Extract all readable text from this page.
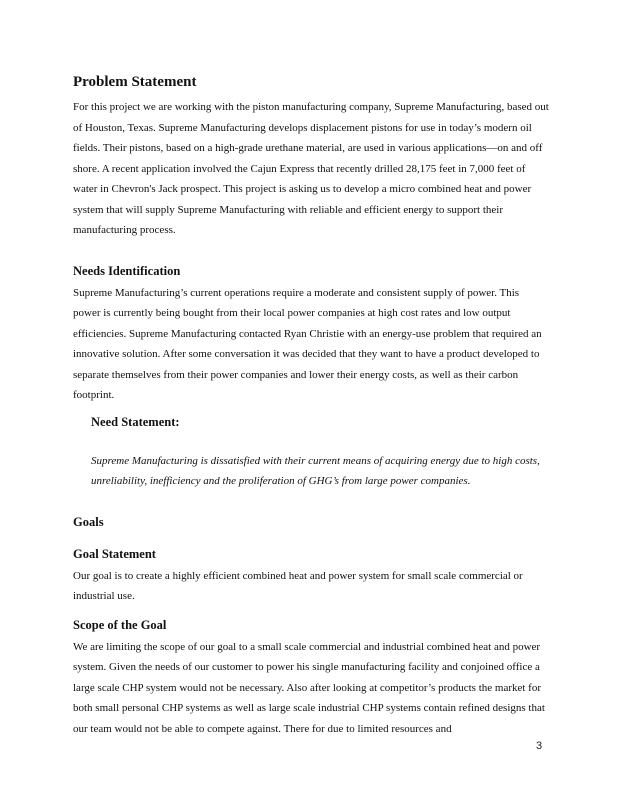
Problem Statement

For this project we are working with the piston manufacturing company, Supreme Manufacturing, based out of Houston, Texas. Supreme Manufacturing develops displacement pistons for use in today’s modern oil fields. Their pistons, based on a high-grade urethane material, are used in various applications—on and off shore. A recent application involved the Cajun Express that recently drilled 28,175 feet in 7,000 feet of water in Chevron's Jack prospect. This project is asking us to develop a micro combined heat and power system that will supply Supreme Manufacturing with reliable and efficient energy to support their manufacturing process.

Needs Identification

Supreme Manufacturing’s current operations require a moderate and consistent supply of power. This power is currently being bought from their local power companies at high cost rates and low output efficiencies. Supreme Manufacturing contacted Ryan Christie with an energy-use problem that required an innovative solution. After some conversation it was decided that they want to have a product developed to separate themselves from their power companies and lower their energy costs, as well as their carbon footprint.

Need Statement:

Supreme Manufacturing is dissatisfied with their current means of acquiring energy due to high costs, unreliability, inefficiency and the proliferation of GHG’s from large power companies.

Goals
Goal Statement

Our goal is to create a highly efficient combined heat and power system for small scale commercial or industrial use.

Scope of the Goal

We are limiting the scope of our goal to a small scale commercial and industrial combined heat and power system. Given the needs of our customer to power his single manufacturing facility and conjoined office a large scale CHP system would not be necessary. Also after looking at competitor’s products the market for both small personal CHP systems as well as large scale industrial CHP systems contain refined designs that our team would not be able to compete against. There for due to limited resources and

3
